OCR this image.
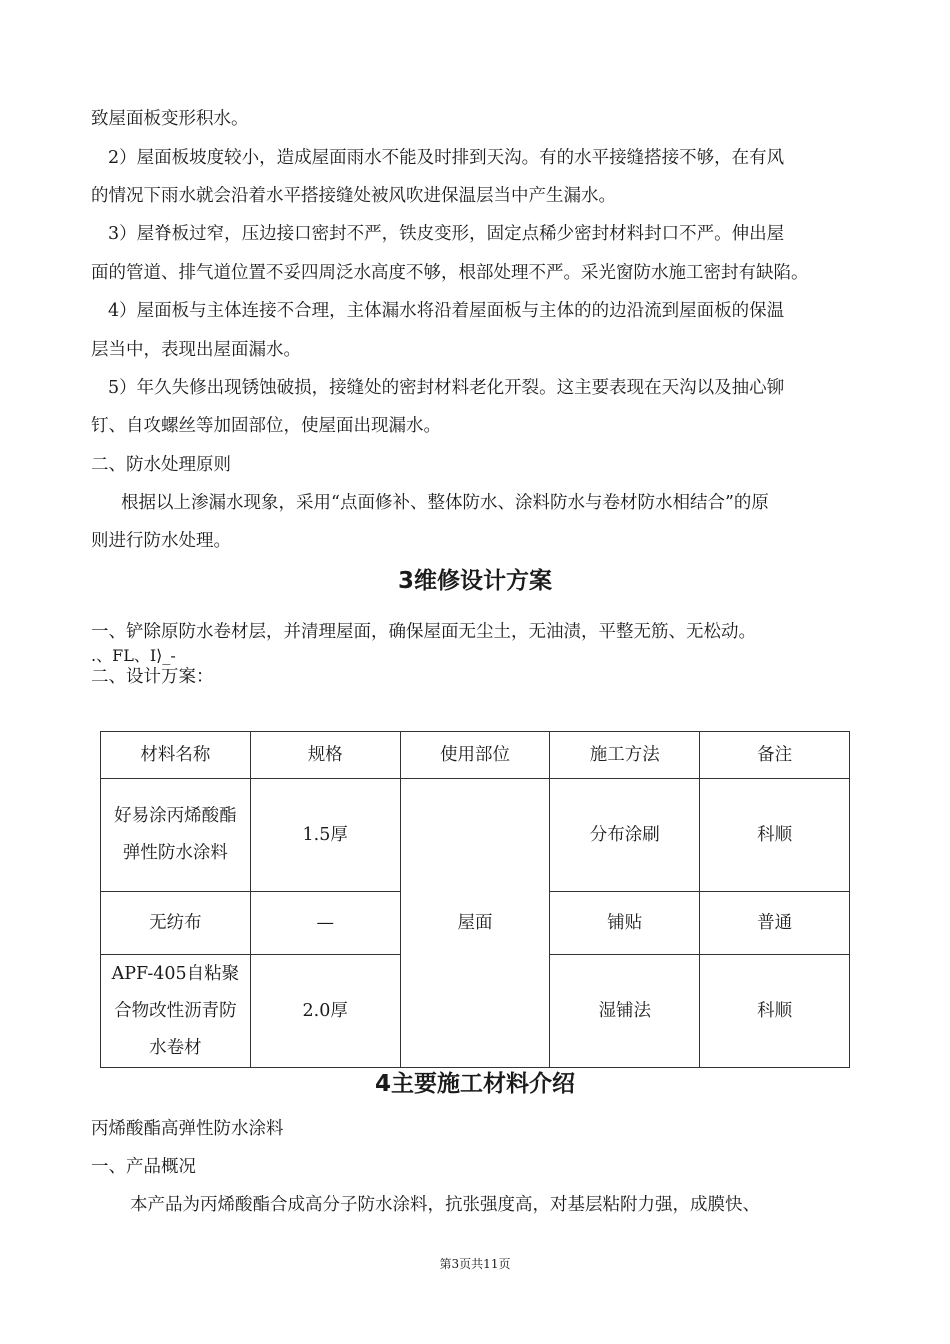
致屋面板变形积水。
2）屋面板坡度较小，造成屋面雨水不能及时排到天沟。有的水平接缝搭接不够，在有风
的情况下雨水就会沿着水平搭接缝处被风吹进保温层当中产生漏水。
3）屋脊板过窄，压边接口密封不严，铁皮变形，固定点稀少密封材料封口不严。伸出屋
面的管道、排气道位置不妥四周泛水高度不够，根部处理不严。采光窗防水施工密封有缺陷。
4）屋面板与主体连接不合理，主体漏水将沿着屋面板与主体的的边沿流到屋面板的保温
层当中，表现出屋面漏水。
5）年久失修出现锈蚀破损，接缝处的密封材料老化开裂。这主要表现在天沟以及抽心铆
钉、自攻螺丝等加固部位，使屋面出现漏水。
二、防水处理原则
根据以上渗漏水现象，采用“点面修补、整体防水、涂料防水与卷材防水相结合”的原
则进行防水处理。
3维修设计方案
一、铲除原防水卷材层，并清理屋面，确保屋面无尘土，无油渍，平整无筋、无松动。
.、FL、I⟩_-
二、设计万案：
材料名称	规格	使用部位	施工方法	备注
好易涂丙烯酸酯弹性防水涂料	1.5厚	屋面	分布涂刷	科顺
无纺布	—		铺贴	普通
APF-405自粘聚合物改性沥青防水卷材	2.0厚		湿铺法	科顺
4主要施工材料介绍
丙烯酸酯高弹性防水涂料
一、产品概况
本产品为丙烯酸酯合成高分子防水涂料，抗张强度高，对基层粘附力强，成膜快、
第3页共11页
